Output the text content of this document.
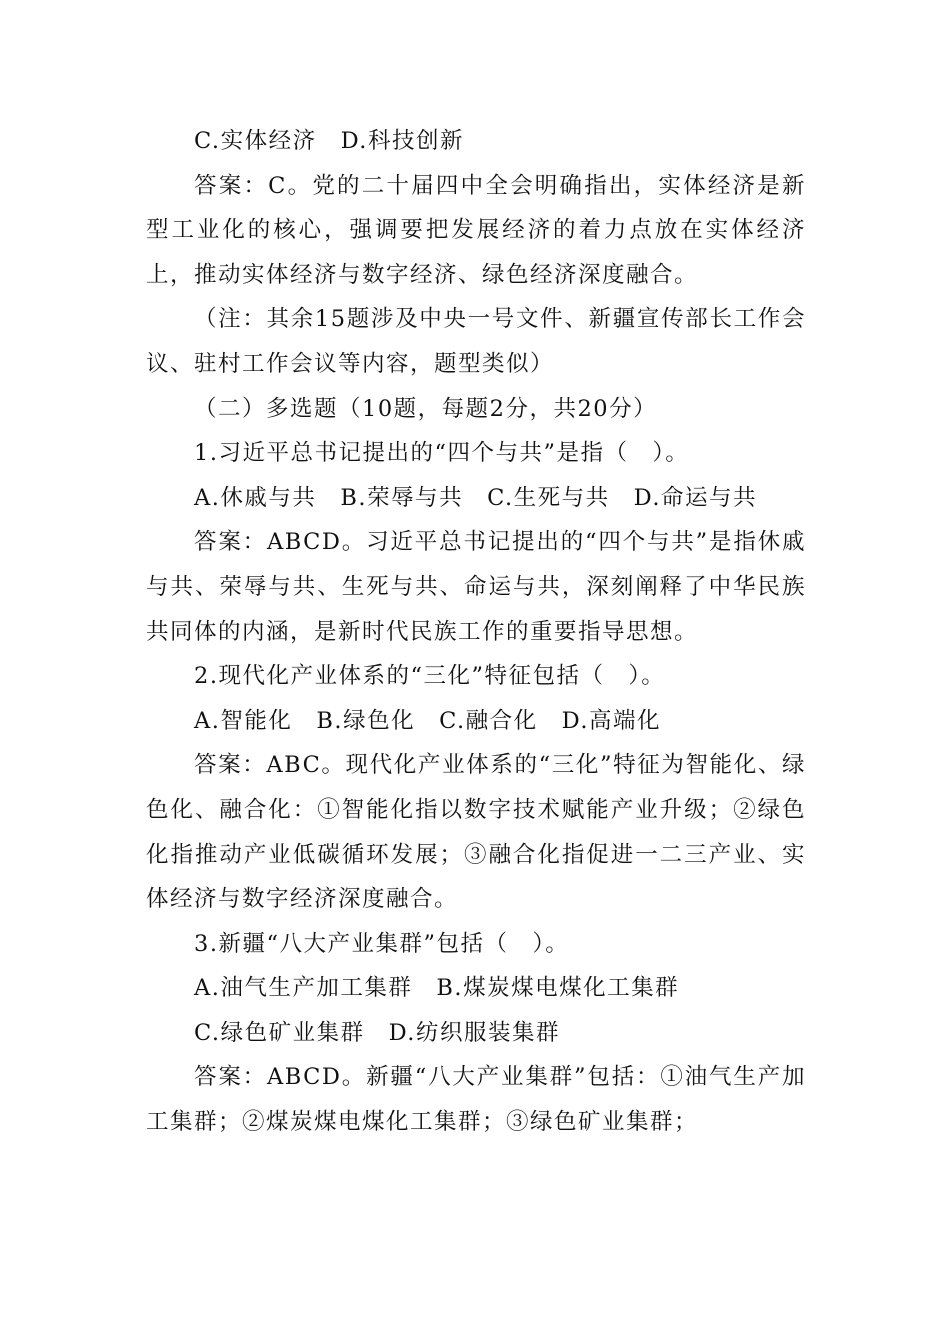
C.实体经济　D.科技创新

答案：C。党的二十届四中全会明确指出，实体经济是新型工业化的核心，强调要把发展经济的着力点放在实体经济上，推动实体经济与数字经济、绿色经济深度融合。

（注：其余15题涉及中央一号文件、新疆宣传部长工作会议、驻村工作会议等内容，题型类似）

（二）多选题（10题，每题2分，共20分）

1.习近平总书记提出的“四个与共”是指（　）。

A.休戚与共　B.荣辱与共　C.生死与共　D.命运与共

答案：ABCD。习近平总书记提出的“四个与共”是指休戚与共、荣辱与共、生死与共、命运与共，深刻阐释了中华民族共同体的内涵，是新时代民族工作的重要指导思想。

2.现代化产业体系的“三化”特征包括（　）。

A.智能化　B.绿色化　C.融合化　D.高端化

答案：ABC。现代化产业体系的“三化”特征为智能化、绿色化、融合化：①智能化指以数字技术赋能产业升级；②绿色化指推动产业低碳循环发展；③融合化指促进一二三产业、实体经济与数字经济深度融合。

3.新疆“八大产业集群”包括（　）。

A.油气生产加工集群　B.煤炭煤电煤化工集群

C.绿色矿业集群　D.纺织服装集群

答案：ABCD。新疆“八大产业集群”包括：①油气生产加工集群；②煤炭煤电煤化工集群；③绿色矿业集群；
